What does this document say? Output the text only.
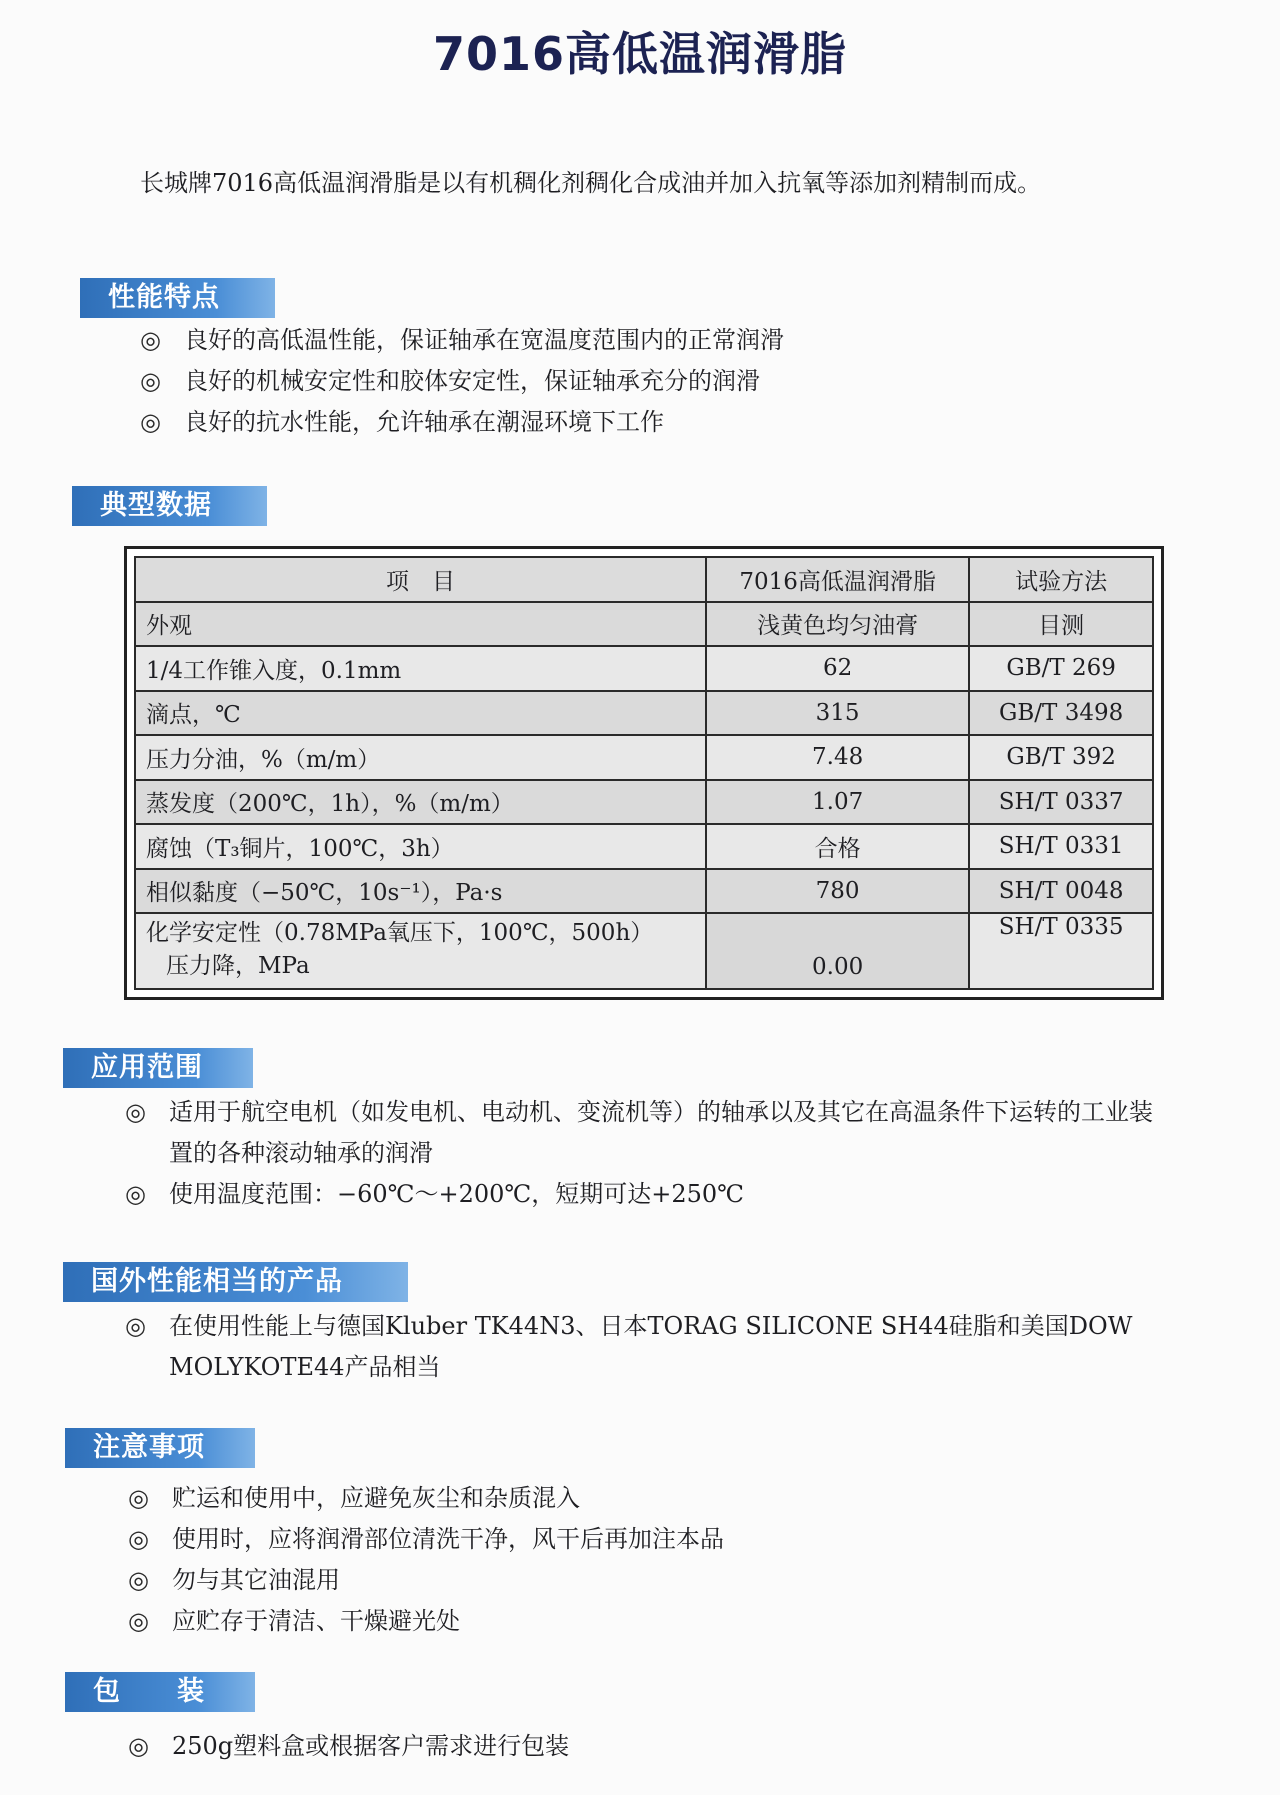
7016高低温润滑脂
长城牌7016高低温润滑脂是以有机稠化剂稠化合成油并加入抗氧等添加剂精制而成。
性能特点
◎ 良好的高低温性能，保证轴承在宽温度范围内的正常润滑
◎ 良好的机械安定性和胶体安定性，保证轴承充分的润滑
◎ 良好的抗水性能，允许轴承在潮湿环境下工作
典型数据
项　目	7016高低温润滑脂	试验方法
外观	浅黄色均匀油膏	目测
1/4工作锥入度，0.1mm	62	GB/T 269
滴点，℃	315	GB/T 3498
压力分油，%（m/m）	7.48	GB/T 392
蒸发度（200℃，1h），%（m/m）	1.07	SH/T 0337
腐蚀（T₃铜片，100℃，3h）	合格	SH/T 0331
相似黏度（−50℃，10s⁻¹），Pa·s	780	SH/T 0048
化学安定性（0.78MPa氧压下，100℃，500h）
压力降，MPa	0.00	SH/T 0335
应用范围
◎ 适用于航空电机（如发电机、电动机、变流机等）的轴承以及其它在高温条件下运转的工业装置的各种滚动轴承的润滑
◎ 使用温度范围：−60℃～+200℃，短期可达+250℃
国外性能相当的产品
◎ 在使用性能上与德国Kluber TK44N3、日本TORAG SILICONE SH44硅脂和美国DOW MOLYKOTE44产品相当
注意事项
◎ 贮运和使用中，应避免灰尘和杂质混入
◎ 使用时，应将润滑部位清洗干净，风干后再加注本品
◎ 勿与其它油混用
◎ 应贮存于清洁、干燥避光处
包　　装
◎ 250g塑料盒或根据客户需求进行包装
